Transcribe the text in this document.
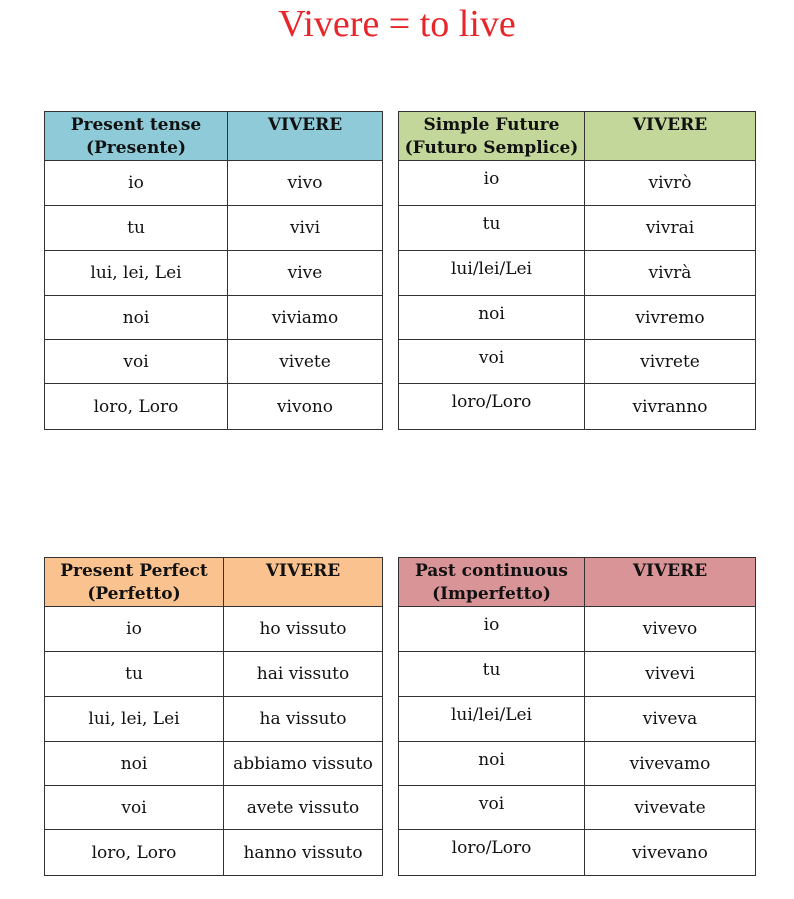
Vivere = to live
Present tense
(Presente)	VIVERE
io	vivo
tu	vivi
lui, lei, Lei	vive
noi	viviamo
voi	vivete
loro, Loro	vivono
Simple Future
(Futuro Semplice)	VIVERE
io	vivrò
tu	vivrai
lui/lei/Lei	vivrà
noi	vivremo
voi	vivrete
loro/Loro	vivranno
Present Perfect
(Perfetto)	VIVERE
io	ho vissuto
tu	hai vissuto
lui, lei, Lei	ha vissuto
noi	abbiamo vissuto
voi	avete vissuto
loro, Loro	hanno vissuto
Past continuous
(Imperfetto)	VIVERE
io	vivevo
tu	vivevi
lui/lei/Lei	viveva
noi	vivevamo
voi	vivevate
loro/Loro	vivevano
